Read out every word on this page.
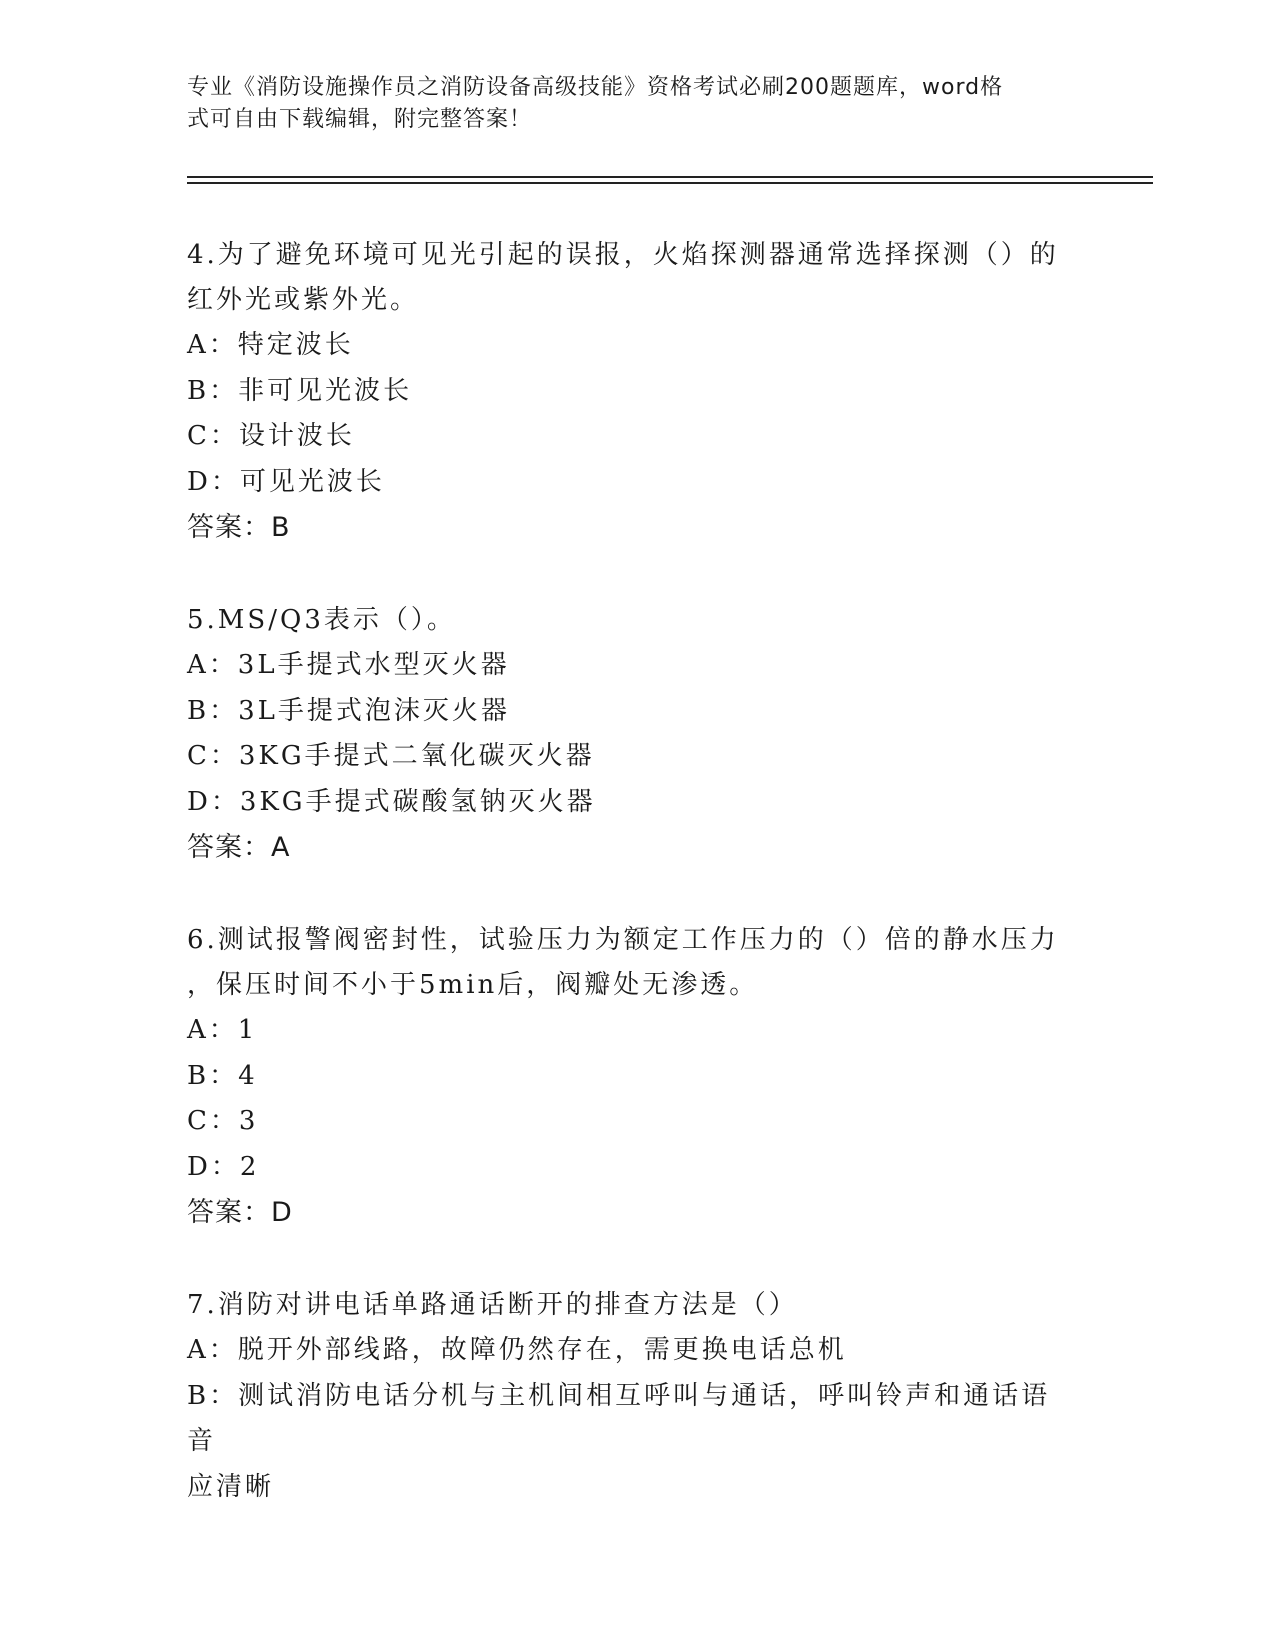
专业《消防设施操作员之消防设备高级技能》资格考试必刷200题题库，word格
式可自由下载编辑，附完整答案！
4.为了避免环境可见光引起的误报，火焰探测器通常选择探测（）的
红外光或紫外光。
A：特定波长
B：非可见光波长
C：设计波长
D：可见光波长
答案：B
5.MS/Q3表示（）。
A：3L手提式水型灭火器
B：3L手提式泡沫灭火器
C：3KG手提式二氧化碳灭火器
D：3KG手提式碳酸氢钠灭火器
答案：A
6.测试报警阀密封性，试验压力为额定工作压力的（）倍的静水压力
，保压时间不小于5min后，阀瓣处无渗透。
A：1
B：4
C：3
D：2
答案：D
7.消防对讲电话单路通话断开的排查方法是（）
A：脱开外部线路，故障仍然存在，需更换电话总机
B：测试消防电话分机与主机间相互呼叫与通话，呼叫铃声和通话语音
应清晰
